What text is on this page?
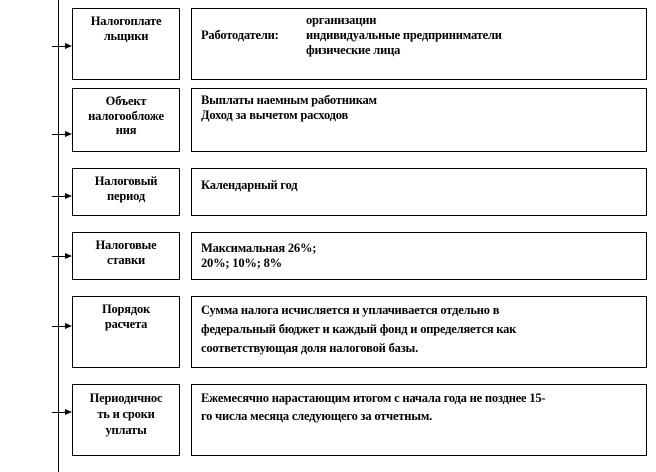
Налогоплате
льщики	Работодатели:
организации
индивидуальные предприниматели
физические лица
Объект
налогообложе
ния
Выплаты наемным работникам
Доход за вычетом расходов
Налоговый
период
Календарный год
Налоговые
ставки
Максимальная 26%;
20%; 10%; 8%
Порядок
расчета
Сумма налога исчисляется и уплачивается отдельно в
федеральный бюджет и каждый фонд и определяется как
соответствующая доля налоговой базы.
Периодичнос
ть и сроки
уплаты
Ежемесячно нарастающим итогом с начала года не позднее 15-
го числа месяца следующего за отчетным.
